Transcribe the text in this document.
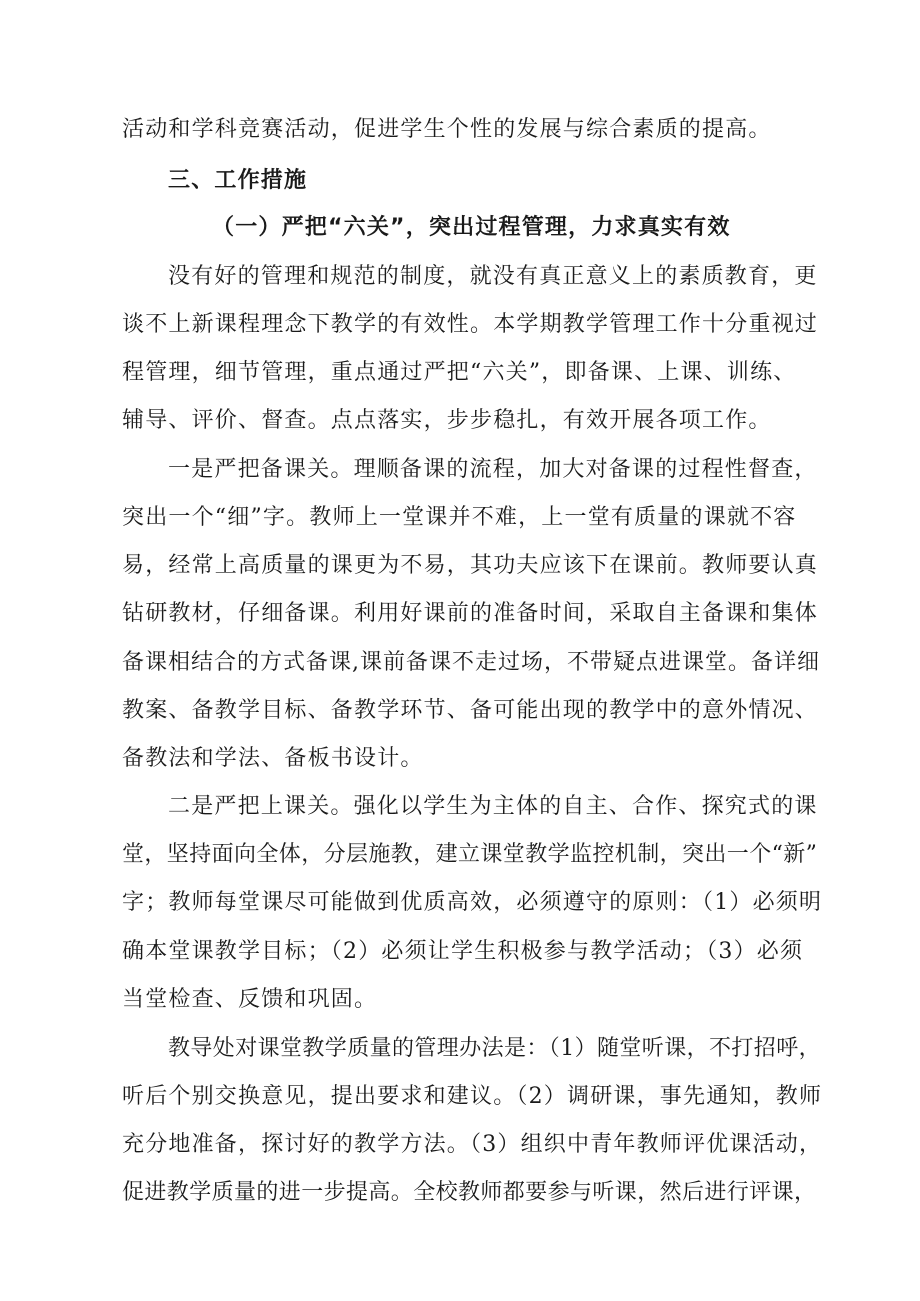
活动和学科竞赛活动，促进学生个性的发展与综合素质的提高。
三、工作措施
（一）严把“六关”，突出过程管理，力求真实有效
没有好的管理和规范的制度，就没有真正意义上的素质教育，更
谈不上新课程理念下教学的有效性。本学期教学管理工作十分重视过
程管理，细节管理，重点通过严把“六关”，即备课、上课、训练、
辅导、评价、督查。点点落实，步步稳扎，有效开展各项工作。
一是严把备课关。理顺备课的流程，加大对备课的过程性督查，
突出一个“细”字。教师上一堂课并不难，上一堂有质量的课就不容
易，经常上高质量的课更为不易，其功夫应该下在课前。教师要认真
钻研教材，仔细备课。利用好课前的准备时间，采取自主备课和集体
备课相结合的方式备课,课前备课不走过场，不带疑点进课堂。备详细
教案、备教学目标、备教学环节、备可能出现的教学中的意外情况、
备教法和学法、备板书设计。
二是严把上课关。强化以学生为主体的自主、合作、探究式的课
堂，坚持面向全体，分层施教，建立课堂教学监控机制，突出一个“新”
字；教师每堂课尽可能做到优质高效，必须遵守的原则：（1）必须明
确本堂课教学目标；（2）必须让学生积极参与教学活动；（3）必须
当堂检查、反馈和巩固。
教导处对课堂教学质量的管理办法是：（1）随堂听课，不打招呼，
听后个别交换意见，提出要求和建议。（2）调研课，事先通知，教师
充分地准备，探讨好的教学方法。（3）组织中青年教师评优课活动，
促进教学质量的进一步提高。全校教师都要参与听课，然后进行评课，
